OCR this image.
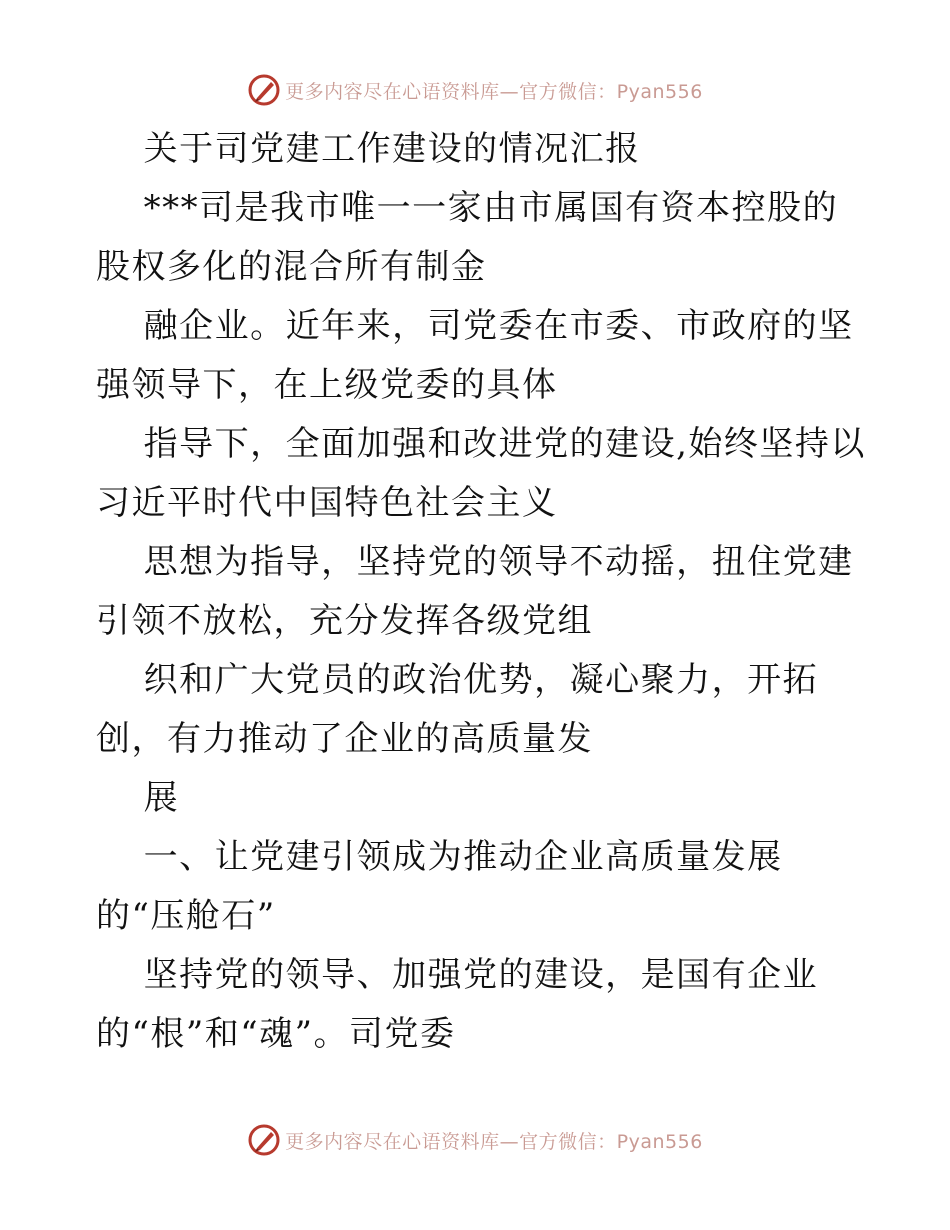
更多内容尽在心语资料库—官方微信：Pyan556

关于司党建工作建设的情况汇报

***司是我市唯一一家由市属国有资本控股的股权多化的混合所有制金

融企业。近年来，司党委在市委、市政府的坚强领导下，在上级党委的具体

指导下，全面加强和改进党的建设,始终坚持以习近平时代中国特色社会主义

思想为指导，坚持党的领导不动摇，扭住党建引领不放松，充分发挥各级党组

织和广大党员的政治优势，凝心聚力，开拓创，有力推动了企业的高质量发

展

一、让党建引领成为推动企业高质量发展的“压舱石”

坚持党的领导、加强党的建设，是国有企业的“根”和“魂”。司党委

更多内容尽在心语资料库—官方微信：Pyan556
